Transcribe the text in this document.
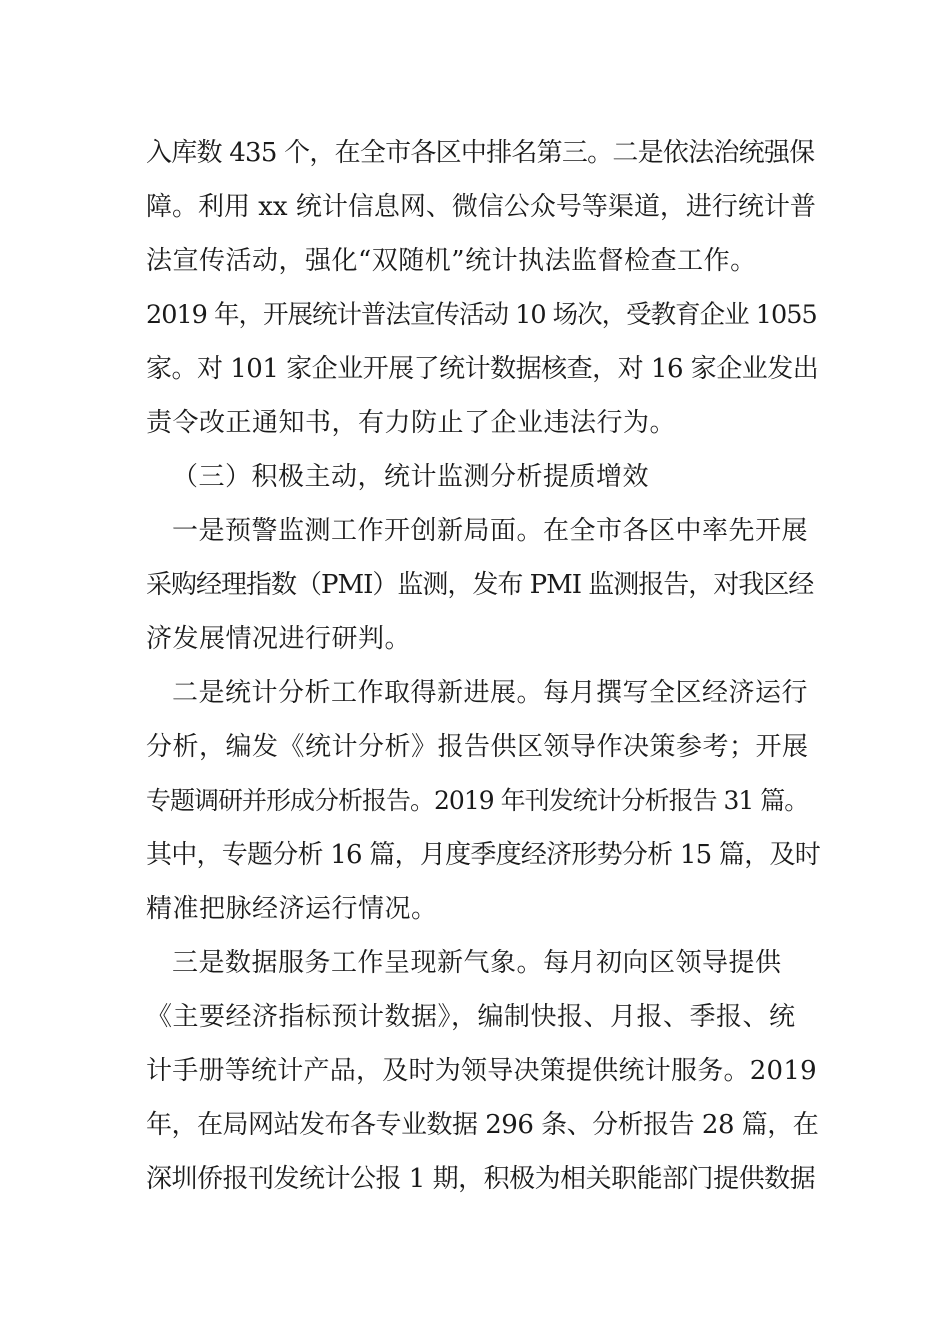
入库数 435 个，在全市各区中排名第三。二是依法治统强保
障。利用 xx 统计信息网、微信公众号等渠道，进行统计普
法宣传活动，强化“双随机”统计执法监督检查工作。
2019 年，开展统计普法宣传活动 10 场次，受教育企业 1055
家。对 101 家企业开展了统计数据核查，对 16 家企业发出
责令改正通知书，有力防止了企业违法行为。
（三）积极主动，统计监测分析提质增效
一是预警监测工作开创新局面。在全市各区中率先开展
采购经理指数（PMI）监测，发布 PMI 监测报告，对我区经
济发展情况进行研判。
二是统计分析工作取得新进展。每月撰写全区经济运行
分析，编发《统计分析》报告供区领导作决策参考；开展
专题调研并形成分析报告。2019 年刊发统计分析报告 31 篇。
其中，专题分析 16 篇，月度季度经济形势分析 15 篇，及时
精准把脉经济运行情况。
三是数据服务工作呈现新气象。每月初向区领导提供
《主要经济指标预计数据》，编制快报、月报、季报、统
计手册等统计产品，及时为领导决策提供统计服务。2019
年，在局网站发布各专业数据 296 条、分析报告 28 篇，在
深圳侨报刊发统计公报 1 期，积极为相关职能部门提供数据
